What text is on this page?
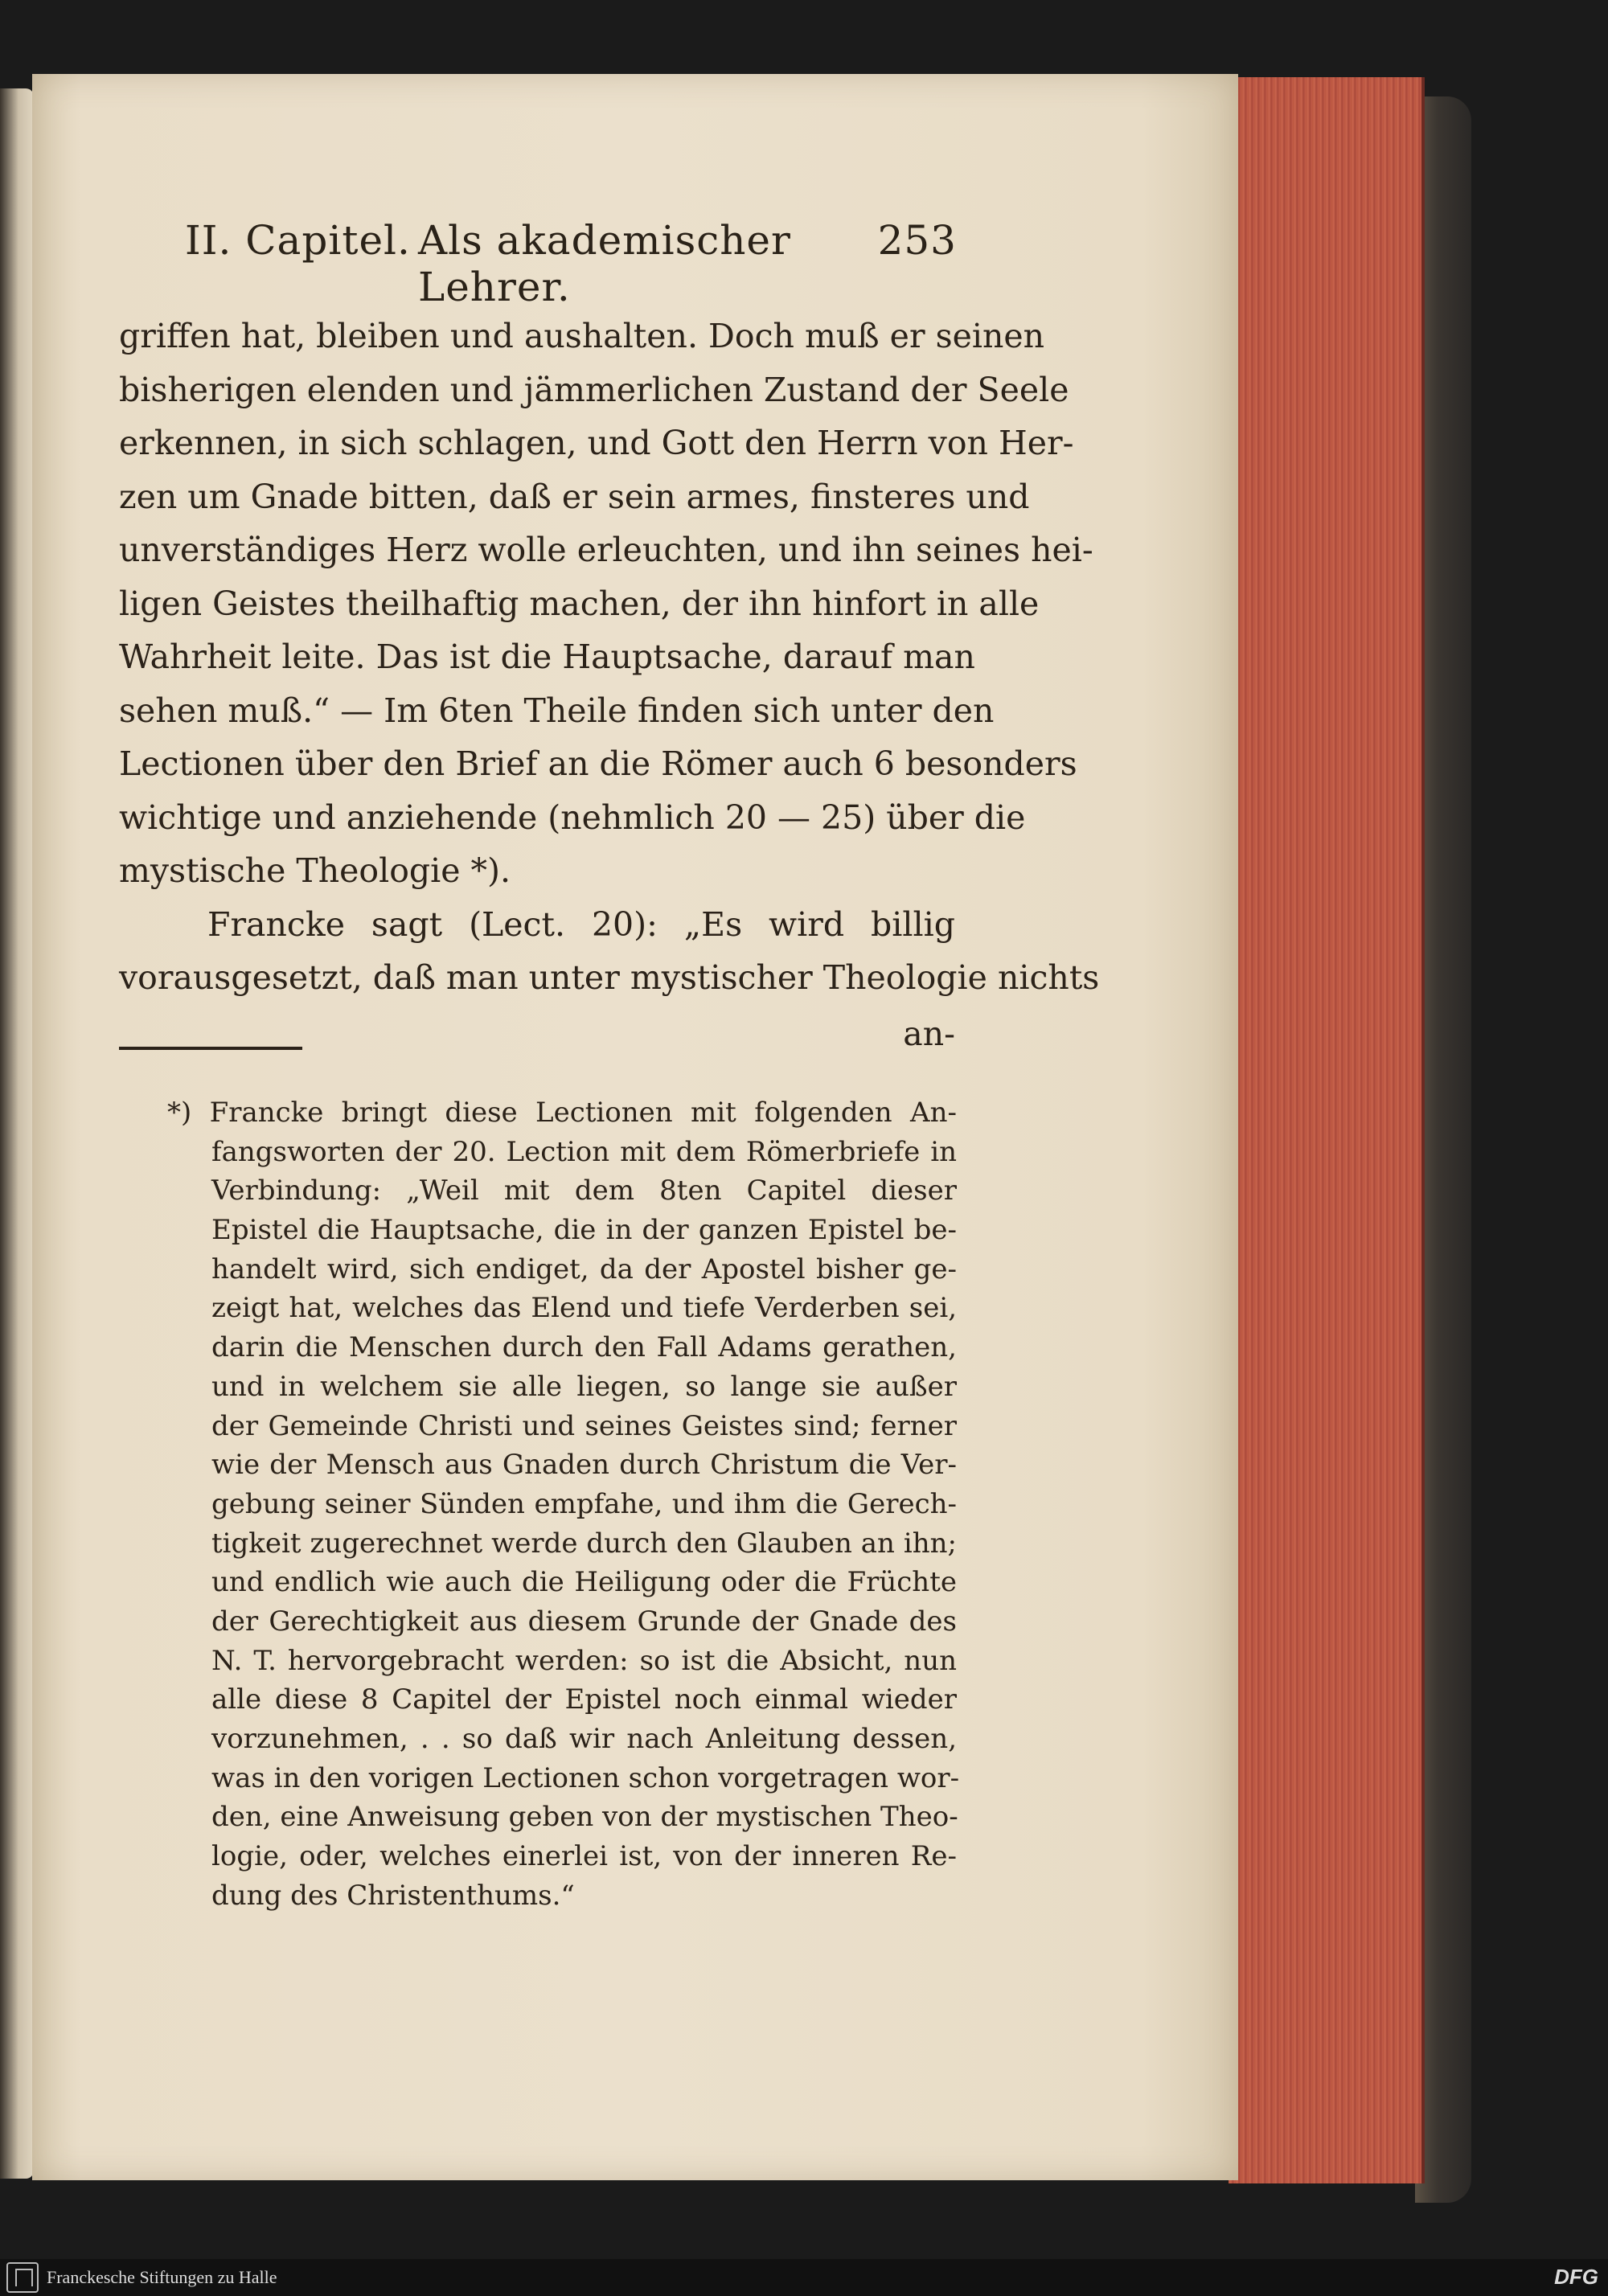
II. Capitel. Als akademischer Lehrer.
253
griffen hat, bleiben und aushalten. Doch muß er seinen
bisherigen elenden und jämmerlichen Zustand der Seele
erkennen, in sich schlagen, und Gott den Herrn von Her-
zen um Gnade bitten, daß er sein armes, finsteres und
unverständiges Herz wolle erleuchten, und ihn seines hei-
ligen Geistes theilhaftig machen, der ihn hinfort in alle
Wahrheit leite. Das ist die Hauptsache, darauf man
sehen muß.“ — Im 6ten Theile finden sich unter den
Lectionen über den Brief an die Römer auch 6 besonders
wichtige und anziehende (nehmlich 20 — 25) über die
mystische Theologie *).
Francke sagt (Lect. 20): „Es wird billig
vorausgesetzt, daß man unter mystischer Theologie nichts
an-
*) Francke bringt diese Lectionen mit folgenden An-
fangsworten der 20. Lection mit dem Römerbriefe in
Verbindung: „Weil mit dem 8ten Capitel dieser
Epistel die Hauptsache, die in der ganzen Epistel be-
handelt wird, sich endiget, da der Apostel bisher ge-
zeigt hat, welches das Elend und tiefe Verderben sei,
darin die Menschen durch den Fall Adams gerathen,
und in welchem sie alle liegen, so lange sie außer
der Gemeinde Christi und seines Geistes sind; ferner
wie der Mensch aus Gnaden durch Christum die Ver-
gebung seiner Sünden empfahe, und ihm die Gerech-
tigkeit zugerechnet werde durch den Glauben an ihn;
und endlich wie auch die Heiligung oder die Früchte
der Gerechtigkeit aus diesem Grunde der Gnade des
N. T. hervorgebracht werden: so ist die Absicht, nun
alle diese 8 Capitel der Epistel noch einmal wieder
vorzunehmen, . . so daß wir nach Anleitung dessen,
was in den vorigen Lectionen schon vorgetragen wor-
den, eine Anweisung geben von der mystischen Theo-
logie, oder, welches einerlei ist, von der inneren Re-
dung des Christenthums.“
Franckesche Stiftungen zu Halle	DFG
